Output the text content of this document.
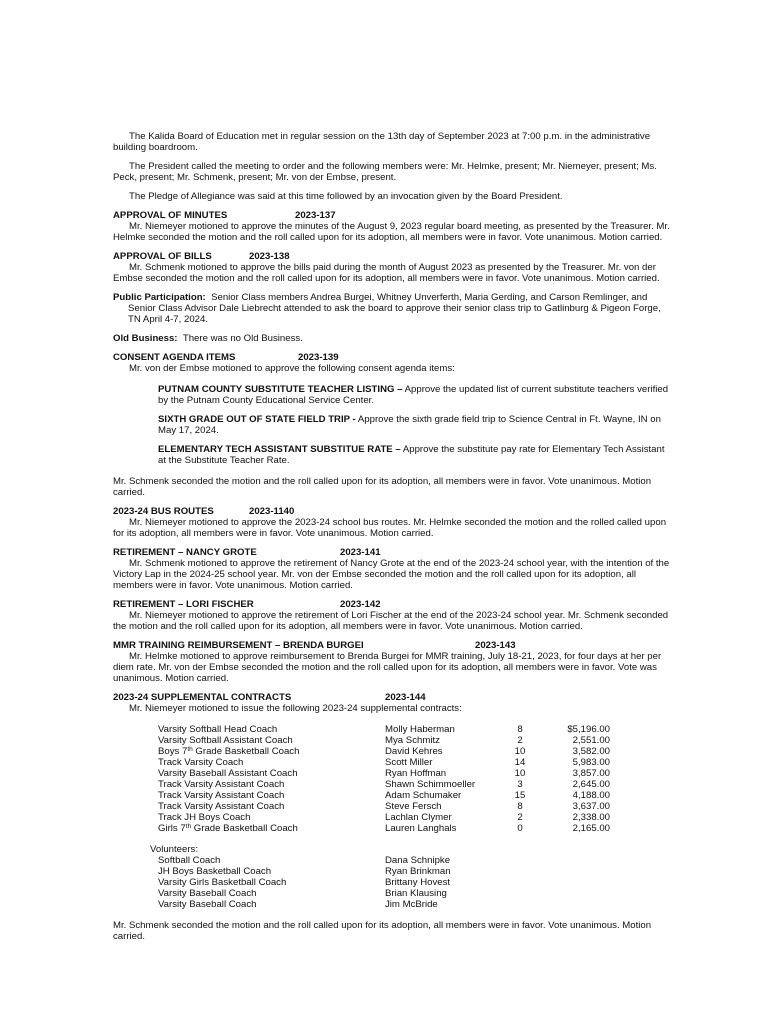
The Kalida Board of Education met in regular session on the 13th day of September 2023 at 7:00 p.m. in the administrative building boardroom.

The President called the meeting to order and the following members were: Mr. Helmke, present; Mr. Niemeyer, present; Ms. Peck, present; Mr. Schmenk, present; Mr. von der Embse, present.

The Pledge of Allegiance was said at this time followed by an invocation given by the Board President.

APPROVAL OF MINUTES	2023-137

Mr. Niemeyer motioned to approve the minutes of the August 9, 2023 regular board meeting, as presented by the Treasurer. Mr. Helmke seconded the motion and the roll called upon for its adoption, all members were in favor. Vote unanimous. Motion carried.

APPROVAL OF BILLS	2023-138

Mr. Schmenk motioned to approve the bills paid during the month of August 2023 as presented by the Treasurer. Mr. von der Embse seconded the motion and the roll called upon for its adoption, all members were in favor. Vote unanimous. Motion carried.

Public Participation: Senior Class members Andrea Burgei, Whitney Unverferth, Maria Gerding, and Carson Remlinger, and Senior Class Advisor Dale Liebrecht attended to ask the board to approve their senior class trip to Gatlinburg & Pigeon Forge, TN April 4-7, 2024.

Old Business: There was no Old Business.

CONSENT AGENDA ITEMS	2023-139

Mr. von der Embse motioned to approve the following consent agenda items:

PUTNAM COUNTY SUBSTITUTE TEACHER LISTING – Approve the updated list of current substitute teachers verified by the Putnam County Educational Service Center.

SIXTH GRADE OUT OF STATE FIELD TRIP - Approve the sixth grade field trip to Science Central in Ft. Wayne, IN on May 17, 2024.

ELEMENTARY TECH ASSISTANT SUBSTITUE RATE – Approve the substitute pay rate for Elementary Tech Assistant at the Substitute Teacher Rate.

Mr. Schmenk seconded the motion and the roll called upon for its adoption, all members were in favor. Vote unanimous. Motion carried.

2023-24 BUS ROUTES	2023-1140

Mr. Niemeyer motioned to approve the 2023-24 school bus routes. Mr. Helmke seconded the motion and the rolled called upon for its adoption, all members were in favor. Vote unanimous. Motion carried.

RETIREMENT – NANCY GROTE	2023-141

Mr. Schmenk motioned to approve the retirement of Nancy Grote at the end of the 2023-24 school year, with the intention of the Victory Lap in the 2024-25 school year. Mr. von der Embse seconded the motion and the roll called upon for its adoption, all members were in favor. Vote unanimous. Motion carried.

RETIREMENT – LORI FISCHER	2023-142

Mr. Niemeyer motioned to approve the retirement of Lori Fischer at the end of the 2023-24 school year. Mr. Schmenk seconded the motion and the roll called upon for its adoption, all members were in favor. Vote unanimous. Motion carried.

MMR TRAINING REIMBURSEMENT – BRENDA BURGEI	2023-143

Mr. Helmke motioned to approve reimbursement to Brenda Burgei for MMR training, July 18-21, 2023, for four days at her per diem rate. Mr. von der Embse seconded the motion and the roll called upon for its adoption, all members were in favor. Vote was unanimous. Motion carried.

2023-24 SUPPLEMENTAL CONTRACTS	2023-144

Mr. Niemeyer motioned to issue the following 2023-24 supplemental contracts:

Varsity Softball Head Coach	Molly Haberman	8	$5,196.00
Varsity Softball Assistant Coach	Mya Schmitz	2	2,551.00
Boys 7th Grade Basketball Coach	David Kehres	10	3,582.00
Track Varsity Coach	Scott Miller	14	5,983.00
Varsity Baseball Assistant Coach	Ryan Hoffman	10	3,857.00
Track Varsity Assistant Coach	Shawn Schimmoeller	3	2,645.00
Track Varsity Assistant Coach	Adam Schumaker	15	4,188.00
Track Varsity Assistant Coach	Steve Fersch	8	3,637.00
Track JH Boys Coach	Lachlan Clymer	2	2,338.00
Girls 7th Grade Basketball Coach	Lauren Langhals	0	2,165.00

Volunteers:

Softball Coach	Dana Schnipke
JH Boys Basketball Coach	Ryan Brinkman
Varsity Girls Basketball Coach	Brittany Hovest
Varsity Baseball Coach	Brian Klausing
Varsity Baseball Coach	Jim McBride

Mr. Schmenk seconded the motion and the roll called upon for its adoption, all members were in favor. Vote unanimous. Motion carried.
